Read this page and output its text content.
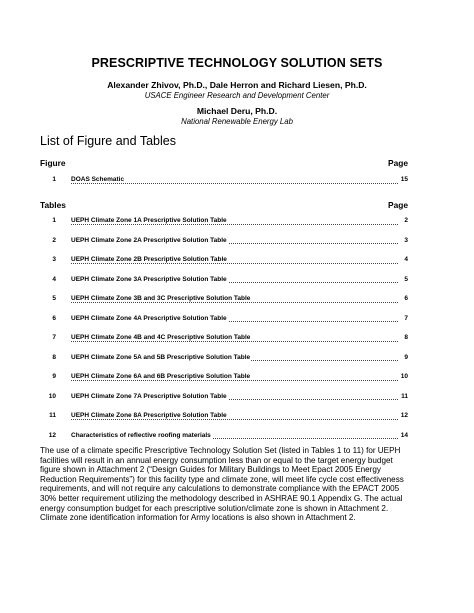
PRESCRIPTIVE TECHNOLOGY SOLUTION SETS
Alexander Zhivov, Ph.D., Dale Herron and Richard Liesen, Ph.D.
USACE Engineer Research and Development Center
Michael Deru, Ph.D.
National Renewable Energy Lab
List of Figure and Tables
Figure	Page
1 DOAS Schematic	15
Tables	Page
1 UEPH Climate Zone 1A Prescriptive Solution Table	2
2 UEPH Climate Zone 2A Prescriptive Solution Table	3
3 UEPH Climate Zone 2B Prescriptive Solution Table	4
4 UEPH Climate Zone 3A Prescriptive Solution Table	5
5 UEPH Climate Zone 3B and 3C Prescriptive Solution Table	6
6 UEPH Climate Zone 4A Prescriptive Solution Table	7
7 UEPH Climate Zone 4B and 4C Prescriptive Solution Table	8
8 UEPH Climate Zone 5A and 5B Prescriptive Solution Table	9
9 UEPH Climate Zone 6A and 6B Prescriptive Solution Table	10
10 UEPH Climate Zone 7A Prescriptive Solution Table	11
11 UEPH Climate Zone 8A Prescriptive Solution Table	12
12 Characteristics of reflective roofing materials	14
The use of a climate specific Prescriptive Technology Solution Set (listed in Tables 1 to 11) for UEPH
facilities will result in an annual energy consumption less than or equal to the target energy budget
figure shown in Attachment 2 (“Design Guides for Military Buildings to Meet Epact 2005 Energy
Reduction Requirements”) for this facility type and climate zone, will meet life cycle cost effectiveness
requirements, and will not require any calculations to demonstrate compliance with the EPACT 2005
30% better requirement utilizing the methodology described in ASHRAE 90.1 Appendix G. The actual
energy consumption budget for each prescriptive solution/climate zone is shown in Attachment 2.
Climate zone identification information for Army locations is also shown in Attachment 2.
